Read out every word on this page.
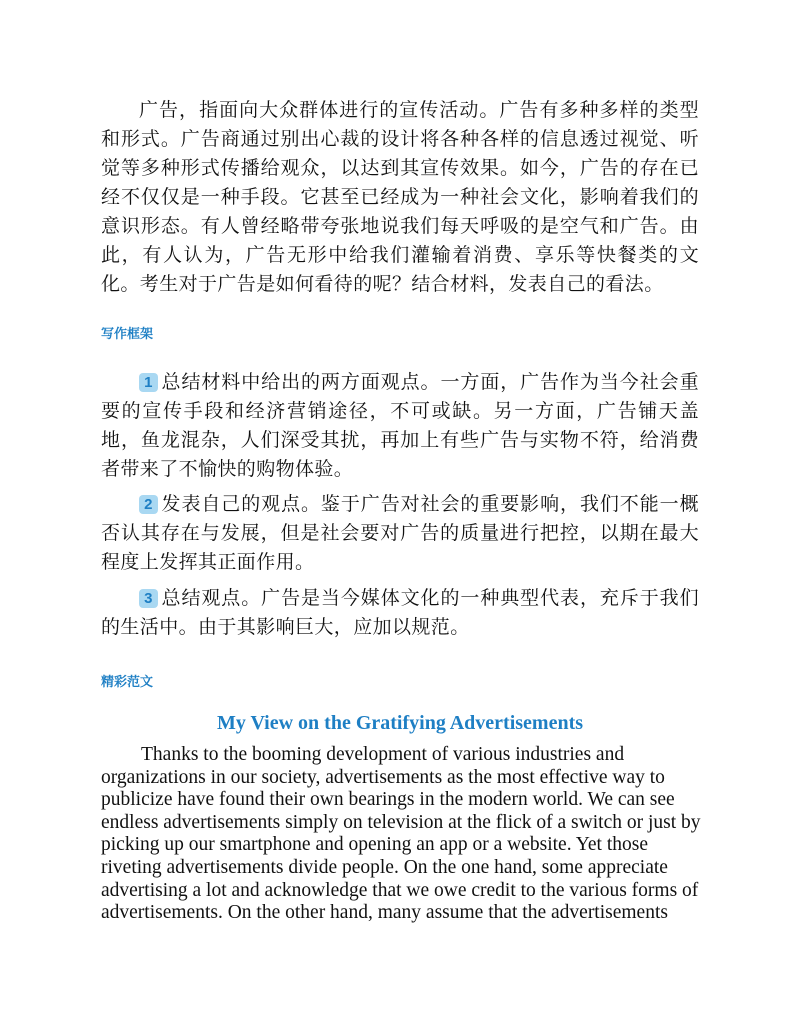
广告，指面向大众群体进行的宣传活动。广告有多种多样的类型和形式。广告商通过别出心裁的设计将各种各样的信息透过视觉、听觉等多种形式传播给观众，以达到其宣传效果。如今，广告的存在已经不仅仅是一种手段。它甚至已经成为一种社会文化，影响着我们的意识形态。有人曾经略带夸张地说我们每天呼吸的是空气和广告。由此，有人认为，广告无形中给我们灌输着消费、享乐等快餐类的文化。考生对于广告是如何看待的呢？结合材料，发表自己的看法。

写作框架

1 总结材料中给出的两方面观点。一方面，广告作为当今社会重要的宣传手段和经济营销途径，不可或缺。另一方面，广告铺天盖地，鱼龙混杂，人们深受其扰，再加上有些广告与实物不符，给消费者带来了不愉快的购物体验。

2 发表自己的观点。鉴于广告对社会的重要影响，我们不能一概否认其存在与发展，但是社会要对广告的质量进行把控，以期在最大程度上发挥其正面作用。

3 总结观点。广告是当今媒体文化的一种典型代表，充斥于我们的生活中。由于其影响巨大，应加以规范。

精彩范文

My View on the Gratifying Advertisements

Thanks to the booming development of various industries and organizations in our society, advertisements as the most effective way to publicize have found their own bearings in the modern world. We can see endless advertisements simply on television at the flick of a switch or just by picking up our smartphone and opening an app or a website. Yet those riveting advertisements divide people. On the one hand, some appreciate advertising a lot and acknowledge that we owe credit to the various forms of advertisements. On the other hand, many assume that the advertisements
